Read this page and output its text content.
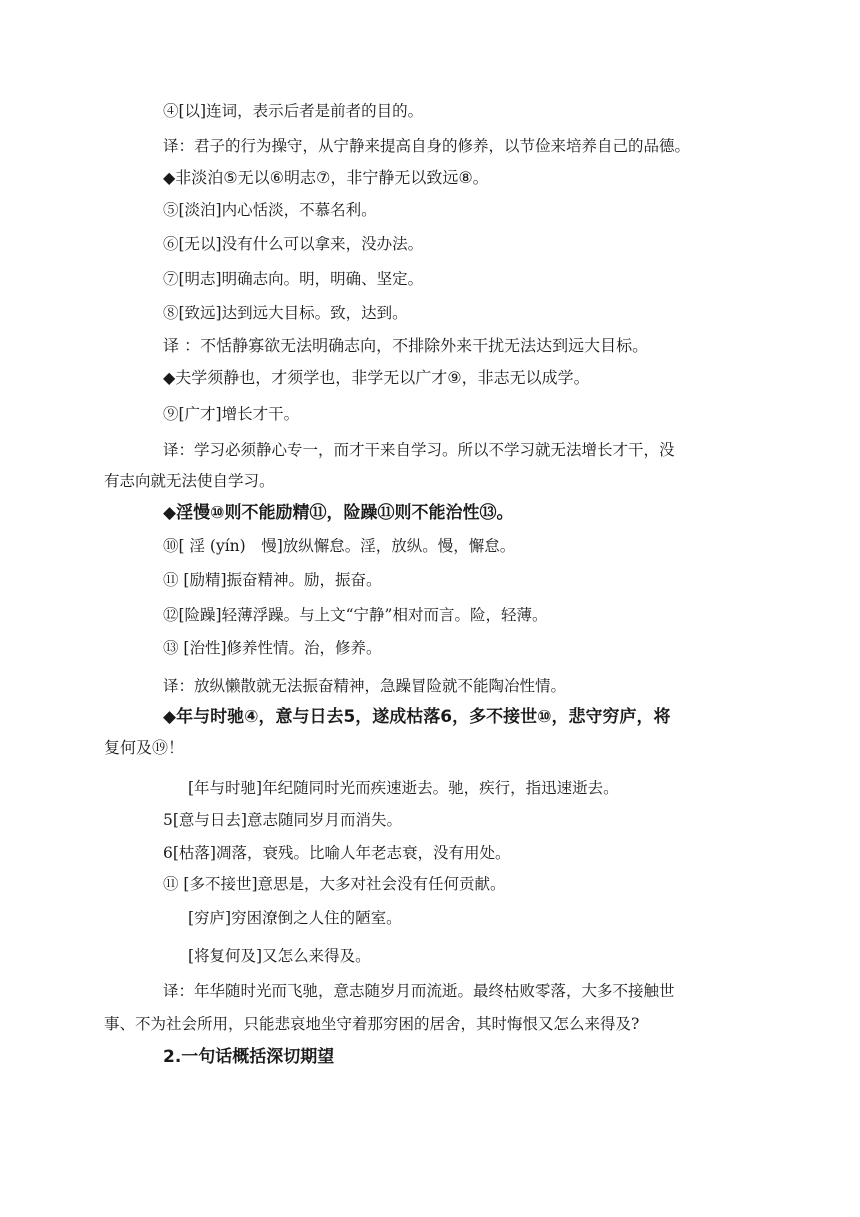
④[以]连词，表示后者是前者的目的。
译：君子的行为操守，从宁静来提高自身的修养，以节俭来培养自己的品德。
◆非淡泊⑤无以⑥明志⑦，非宁静无以致远⑧。
⑤[淡泊]内心恬淡，不慕名利。
⑥[无以]没有什么可以拿来，没办法。
⑦[明志]明确志向。明，明确、坚定。
⑧[致远]达到远大目标。致，达到。
译 ：不恬静寡欲无法明确志向，不排除外来干扰无法达到远大目标。
◆夫学须静也，才须学也，非学无以广才⑨，非志无以成学。
⑨[广才]增长才干。
译：学习必须静心专一，而才干来自学习。所以不学习就无法增长才干，没
有志向就无法使自学习。
◆淫慢⑩则不能励精⑪，险躁⑪则不能治性⑬。
⑩[ 淫 (yín)　慢]放纵懈怠。淫，放纵。慢，懈怠。
⑪ [励精]振奋精神。励，振奋。
⑫[险躁]轻薄浮躁。与上文“宁静”相对而言。险，轻薄。
⑬ [治性]修养性情。治，修养。
译：放纵懒散就无法振奋精神，急躁冒险就不能陶冶性情。
◆年与时驰④，意与日去5，遂成枯落6，多不接世⑩，悲守穷庐，将
复何及⑲！
[年与时驰]年纪随同时光而疾速逝去。驰，疾行，指迅速逝去。
5[意与日去]意志随同岁月而消失。
6[枯落]凋落，衰残。比喻人年老志衰，没有用处。
⑪ [多不接世]意思是，大多对社会没有任何贡献。
[穷庐]穷困潦倒之人住的陋室。
[将复何及]又怎么来得及。
译：年华随时光而飞驰，意志随岁月而流逝。最终枯败零落，大多不接触世
事、不为社会所用，只能悲哀地坐守着那穷困的居舍，其时悔恨又怎么来得及?
2.一句话概括深切期望
